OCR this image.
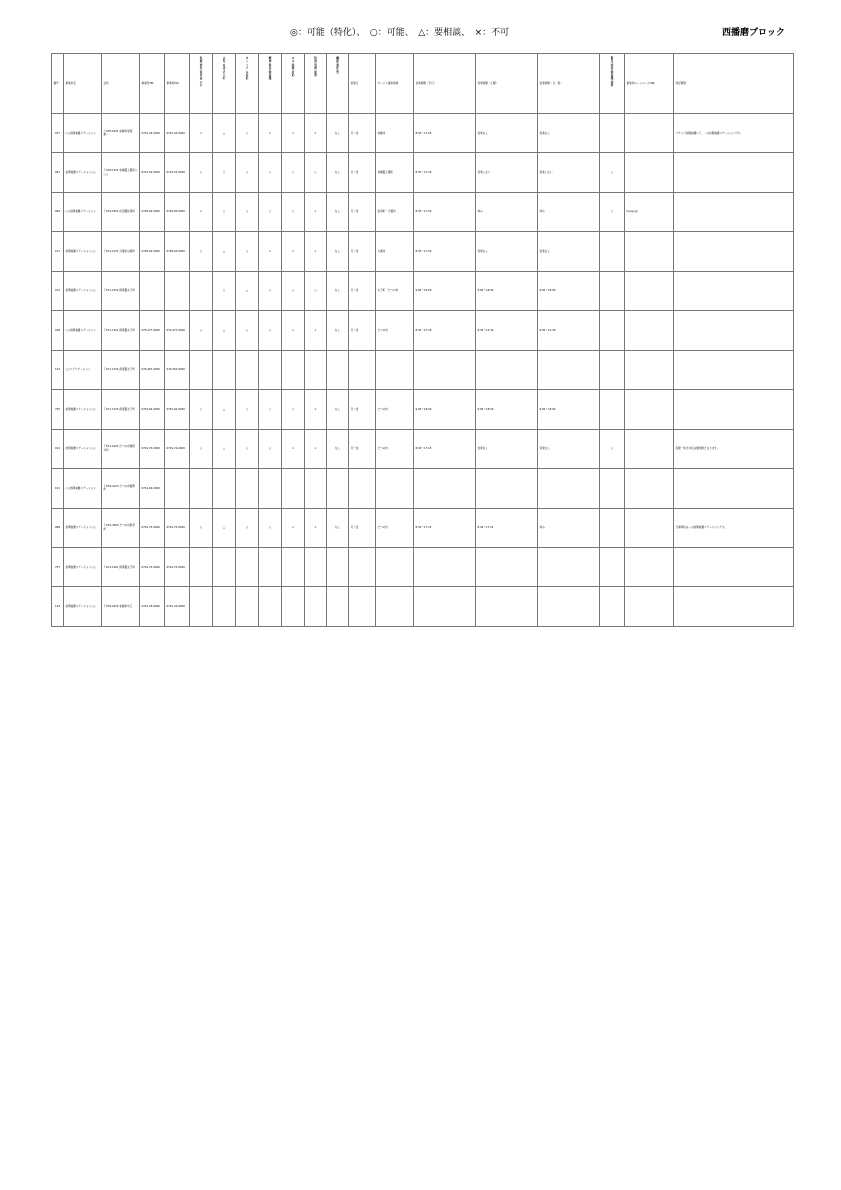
◎：可能（特化）、　○：可能、　△：要相談、　×：不可	西播磨ブロック
番号	事業所名	住所	事業所TEL	事業所FAX	医療依存度の高い方	小児の受け入れ	ターミナル対応	精神科訪問看護	24時間対応	特別管理加算	機能強化型	営業日	サービス提供地域	営業時間（平日）	営業時間（土曜）	営業時間（日・祝）	緊急時訪問看護加算	事業所ホームページURL	特記事項
037	○○訪問看護ステーション	〒678-0231 赤穂市加里屋…	0791-42-0000	0791-42-0000	×	△	○	×	×	×	なし	月〜金	赤穂市	8:30〜17:15	営業なし	営業なし			ステップ訪問看護にて、…の訪問看護ステーションです。
081	訪問看護ステーション○○	〒678-1231 赤穂郡上郡町○○○	0791-52-0000	0791-52-0000	○	○	○	○	○	○	なし	月〜金	赤穂郡上郡町	8:30〜17:30	営業しない	営業しない	○		
084	○○訪問看護ステーション	〒679-5301 佐用郡佐用町	0790-82-0000	0790-82-0000	×	○	○	○	○	×	なし	月〜金	佐用町・宍粟市	8:30〜17:30	休み	休み	○	hyogo.jp	
107	訪問看護ステーション○○	〒671-2131 宍粟市山崎町	0790-62-0000	0790-62-0000	○	△	○	×	×	×	なし	月〜金	宍粟市	8:30〜17:30	営業なし	営業なし			
012	訪問看護ステーション○○	〒671-1532 揖保郡太子町				○	△	○	○	○	なし	月〜金	太子町・たつの市	9:00〜18:00	9:00〜18:00	9:00〜18:00			
038	○○訪問看護ステーション	〒671-1321 揖保郡太子町	079-277-0000	079-277-0000	○	△	○	○	×	×	なし	月〜金	たつの市	8:30〜17:30	8:30〜12:30	8:30〜12:30			
103	○○ケアステーション	〒671-1331 揖保郡太子町	079-267-0000	079-267-0000															
795	訪問看護ステーション○○	〒671-1325 揖保郡太子町	0791-62-0000	0791-62-0000	○	△	○	○	○	×	なし	月〜金	たつの市	9:00〜18:00	9:00〜18:00	9:00〜18:00			
014	訪問看護ステーション○○	〒671-1623 たつの市揖保川町	0791-72-0000	0791-72-0000	○	△	○	○	×	×	なし	月〜金	たつの市	8:30〜17:15	営業なし	営業なし	○		夜間・休日対応は要相談となります。
101	○○訪問看護ステーション	〒679-4123 たつの市龍野町	0791-62-0000																
088	訪問看護ステーション○○	〒679-4304 たつの市新宮町	0791-75-0000	0791-75-0000	○	△	○	○	×	×	なし	月〜金	たつの市	8:30〜17:15	8:30〜17:15	休み			当事業所は…の訪問看護ステーションです。
707	訪問看護ステーション○○	〒671-1561 揖保郡太子町	0791-72-0000	0791-72-0000															
144	訪問看護ステーション○○	〒678-0232 赤穂市中広	0791-43-0000	0791-43-0000															
